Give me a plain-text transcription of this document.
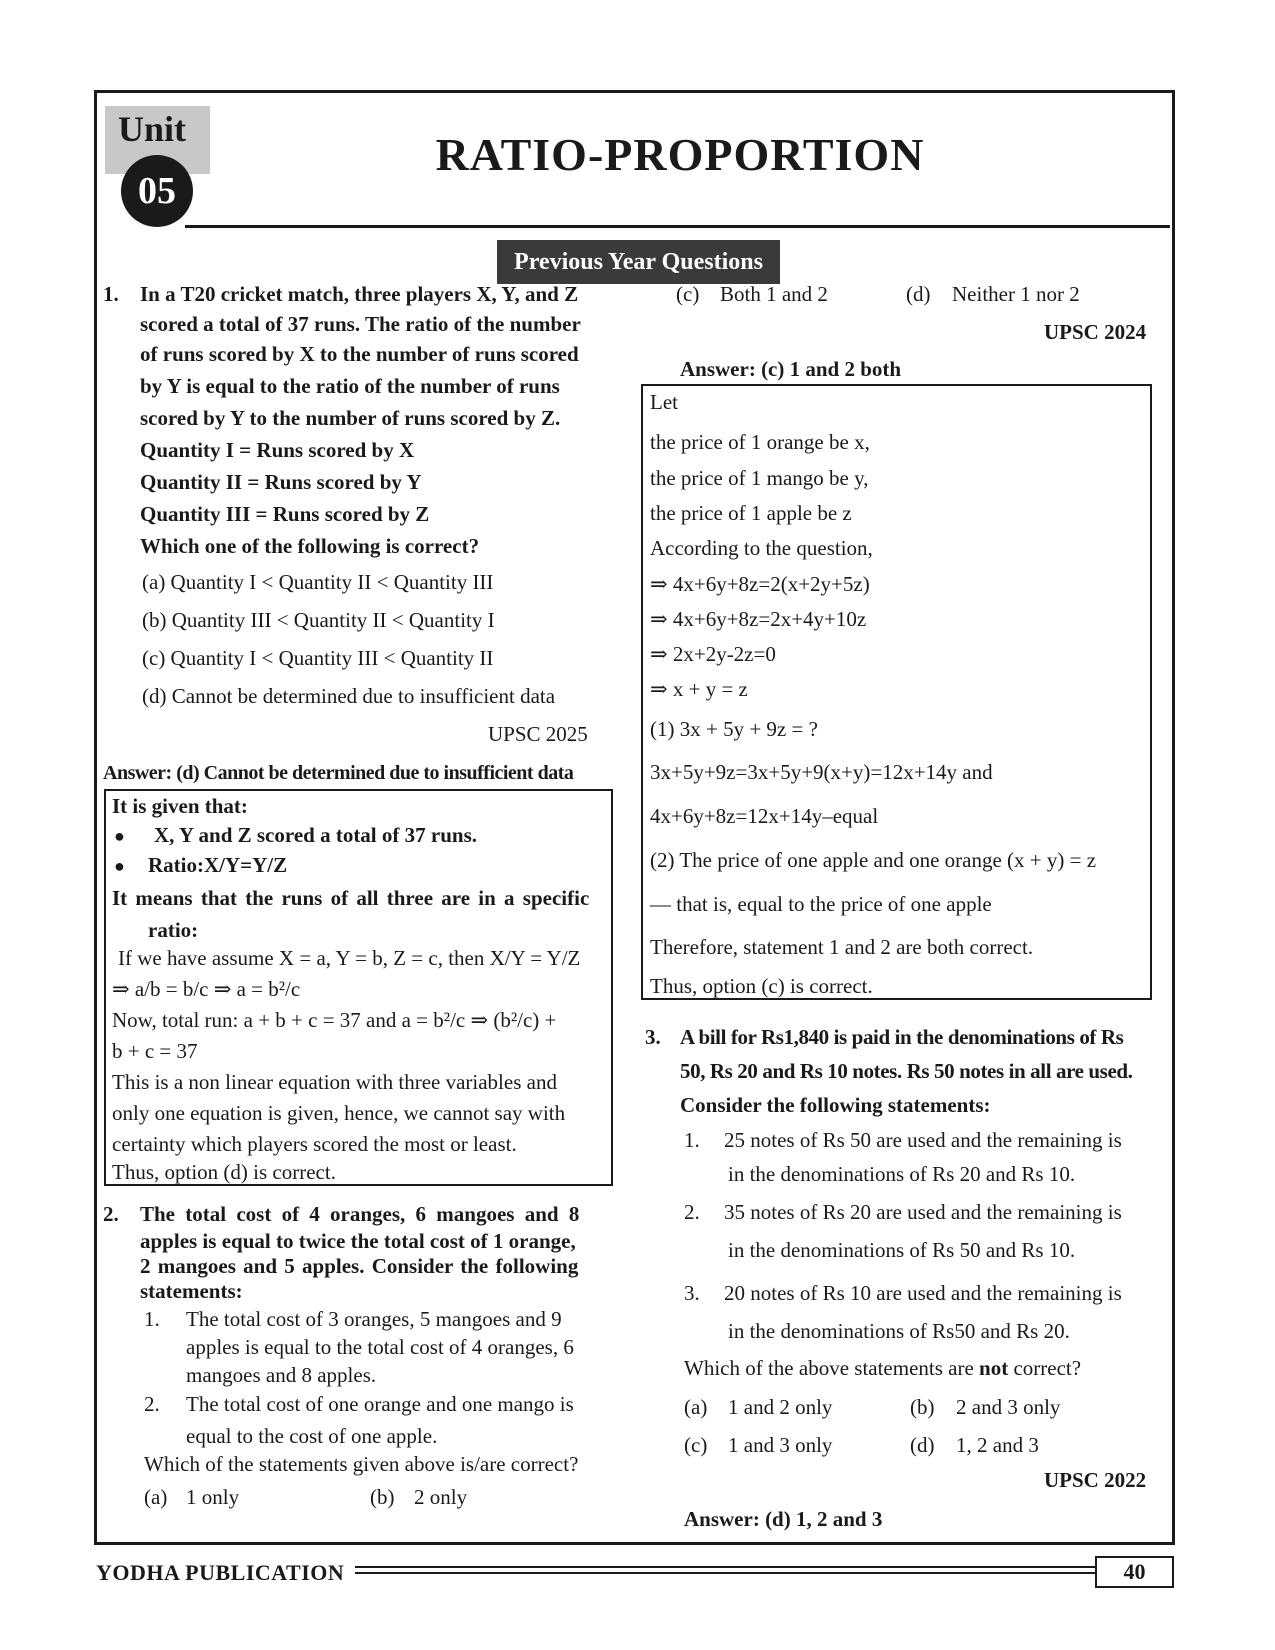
Unit
05
RATIO-PROPORTION
Previous Year Questions
1. In a T20 cricket match, three players X, Y, and Z
scored a total of 37 runs. The ratio of the number
of runs scored by X to the number of runs scored
by Y is equal to the ratio of the number of runs
scored by Y to the number of runs scored by Z.
Quantity I = Runs scored by X
Quantity II = Runs scored by Y
Quantity III = Runs scored by Z
Which one of the following is correct?
(a) Quantity I < Quantity II < Quantity III
(b) Quantity III < Quantity II < Quantity I
(c) Quantity I < Quantity III < Quantity II
(d) Cannot be determined due to insufficient data
UPSC 2025
Answer: (d) Cannot be determined due to insufficient data
It is given that:
● X, Y and Z scored a total of 37 runs.
● Ratio:X/Y=Y/Z
It means that the runs of all three are in a specific
ratio:
If we have assume X = a, Y = b, Z = c, then X/Y = Y/Z
⇒ a/b = b/c ⇒ a = b²/c
Now, total run: a + b + c = 37 and a = b²/c ⇒ (b²/c) +
b + c = 37
This is a non linear equation with three variables and
only one equation is given, hence, we cannot say with
certainty which players scored the most or least.
Thus, option (d) is correct.
2. The total cost of 4 oranges, 6 mangoes and 8
apples is equal to twice the total cost of 1 orange,
2 mangoes and 5 apples. Consider the following
statements:
1. The total cost of 3 oranges, 5 mangoes and 9
apples is equal to the total cost of 4 oranges, 6
mangoes and 8 apples.
2. The total cost of one orange and one mango is
equal to the cost of one apple.
Which of the statements given above is/are correct?
(a) 1 only	(b) 2 only
(c) Both 1 and 2	(d) Neither 1 nor 2
UPSC 2024
Answer: (c) 1 and 2 both
Let
the price of 1 orange be x,
the price of 1 mango be y,
the price of 1 apple be z
According to the question,
⇒ 4x+6y+8z=2(x+2y+5z)
⇒ 4x+6y+8z=2x+4y+10z
⇒ 2x+2y-2z=0
⇒ x + y = z
(1) 3x + 5y + 9z = ?
3x+5y+9z=3x+5y+9(x+y)=12x+14y and
4x+6y+8z=12x+14y–equal
(2) The price of one apple and one orange (x + y) = z
— that is, equal to the price of one apple
Therefore, statement 1 and 2 are both correct.
Thus, option (c) is correct.
3. A bill for Rs1,840 is paid in the denominations of Rs
50, Rs 20 and Rs 10 notes. Rs 50 notes in all are used.
Consider the following statements:
1. 25 notes of Rs 50 are used and the remaining is
in the denominations of Rs 20 and Rs 10.
2. 35 notes of Rs 20 are used and the remaining is
in the denominations of Rs 50 and Rs 10.
3. 20 notes of Rs 10 are used and the remaining is
in the denominations of Rs50 and Rs 20.
Which of the above statements are not correct?
(a) 1 and 2 only	(b) 2 and 3 only
(c) 1 and 3 only	(d) 1, 2 and 3
UPSC 2022
Answer: (d) 1, 2 and 3
YODHA PUBLICATION	40
